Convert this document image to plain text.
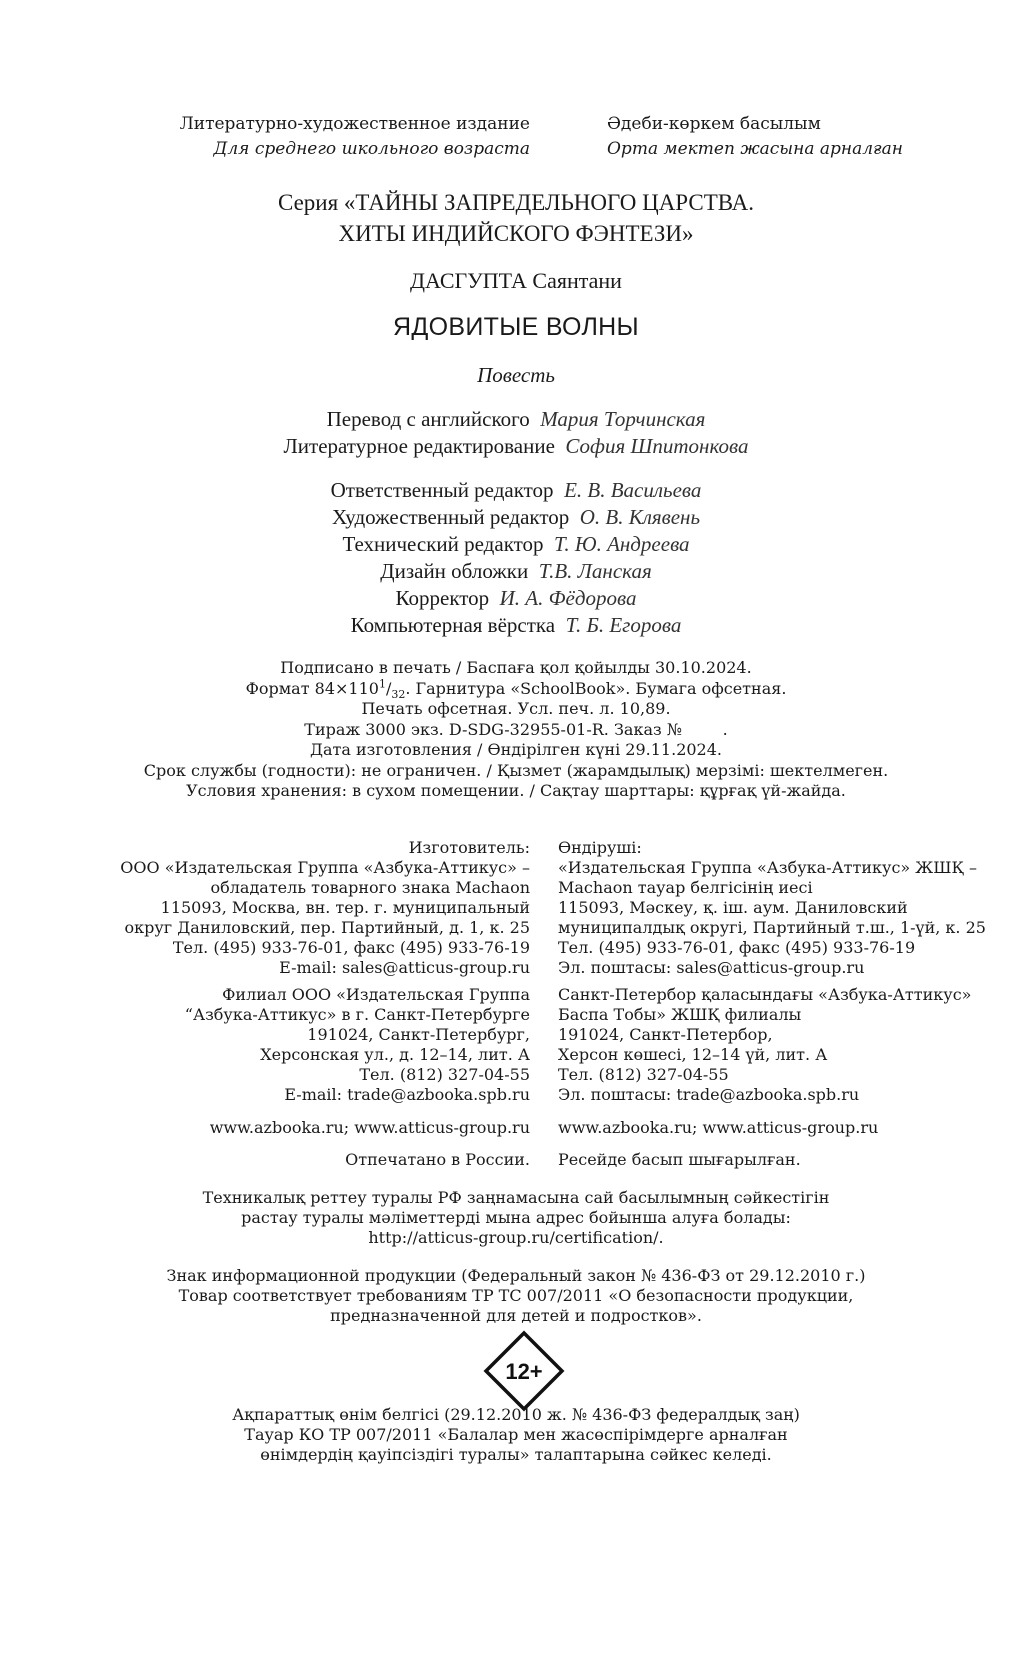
Литературно-художественное издание
Для среднего школьного возраста
Әдеби-көркем басылым
Орта мектеп жасына арналған
Серия «ТАЙНЫ ЗАПРЕДЕЛЬНОГО ЦАРСТВА.
ХИТЫ ИНДИЙСКОГО ФЭНТЕЗИ»
ДАСГУПТА Саянтани
ЯДОВИТЫЕ ВОЛНЫ
Повесть
Перевод с английского Мария Торчинская
Литературное редактирование София Шпитонкова
Ответственный редактор Е. В. Васильева
Художественный редактор О. В. Клявень
Технический редактор Т. Ю. Андреева
Дизайн обложки Т.В. Ланская
Корректор И. А. Фёдорова
Компьютерная вёрстка Т. Б. Егорова
Подписано в печать / Баспаға қол қойылды 30.10.2024.
Формат $84\times 110^1/_{32}$. Гарнитура «SchoolBook». Бумага офсетная.
Печать офсетная. Усл. печ. л. 10,89.
Тираж 3000 экз. D-SDG-32955-01-R. Заказ №        .
Дата изготовления / Өндірілген күні 29.11.2024.
Срок службы (годности): не ограничен. / Қызмет (жарамдылық) мерзімі: шектелмеген.
Условия хранения: в сухом помещении. / Сақтау шарттары: құрғақ үй-жайда.
Изготовитель:
ООО «Издательская Группа «Азбука-Аттикус» –
обладатель товарного знака Machaon
115093, Москва, вн. тер. г. муниципальный
округ Даниловский, пер. Партийный, д. 1, к. 25
Тел. (495) 933-76-01, факс (495) 933-76-19
E-mail: sales@atticus-group.ru
Филиал ООО «Издательская Группа
“Азбука-Аттикус» в г. Санкт-Петербурге
191024, Санкт-Петербург,
Херсонская ул., д. 12–14, лит. А
Тел. (812) 327-04-55
E-mail: trade@azbooka.spb.ru
www.azbooka.ru; www.atticus-group.ru
Отпечатано в России.
Өндіруші:
«Издательская Группа «Азбука-Аттикус» ЖШҚ –
Machaon тауар белгісінің иесі
115093, Мәскеу, қ. іш. аум. Даниловский
муниципалдық округі, Партийный т.ш., 1-үй, к. 25
Тел. (495) 933-76-01, факс (495) 933-76-19
Эл. поштасы: sales@atticus-group.ru
Санкт-Петербор қаласындағы «Азбука-Аттикус»
Баспа Тобы» ЖШҚ филиалы
191024, Санкт-Петербор,
Херсон көшесі, 12–14 үй, лит. А
Тел. (812) 327-04-55
Эл. поштасы: trade@azbooka.spb.ru
www.azbooka.ru; www.atticus-group.ru
Ресейде басып шығарылған.
Техникалық реттеу туралы РФ заңнамасына сай басылымның сәйкестігін
растау туралы мәліметтерді мына адрес бойынша алуға болады:
http://atticus-group.ru/certification/.
Знак информационной продукции (Федеральный закон № 436-ФЗ от 29.12.2010 г.)
Товар соответствует требованиям ТР ТС 007/2011 «О безопасности продукции,
предназначенной для детей и подростков».
12+
Ақпараттық өнім белгісі (29.12.2010 ж. № 436-ФЗ федералдық заң)
Тауар КО ТР 007/2011 «Балалар мен жасөспірімдерге арналған
өнімдердің қауіпсіздігі туралы» талаптарына сәйкес келеді.
